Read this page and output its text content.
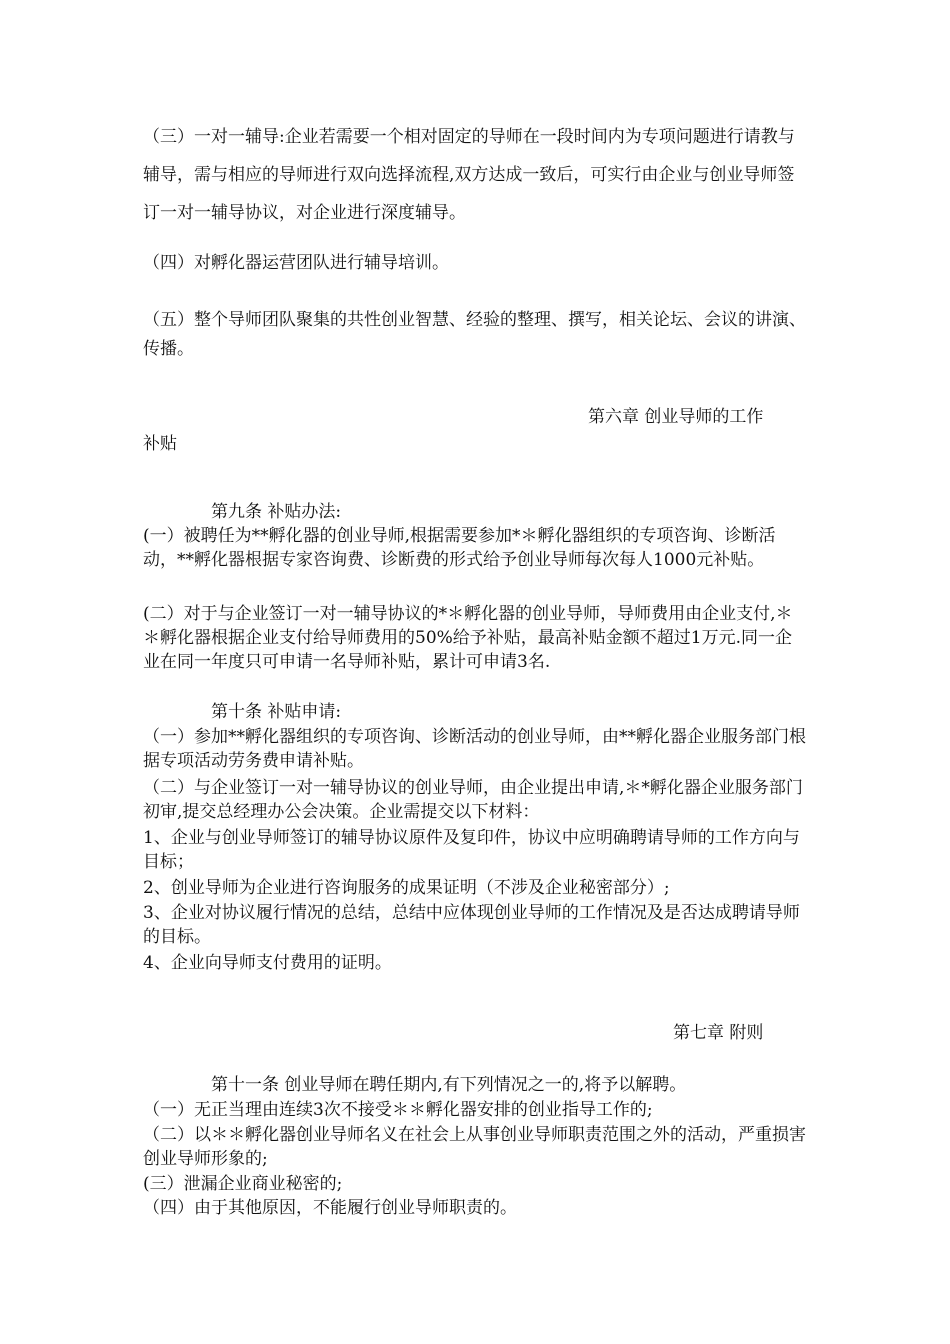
（三）一对一辅导:企业若需要一个相对固定的导师在一段时间内为专项问题进行请教与辅导，需与相应的导师进行双向选择流程,双方达成一致后，可实行由企业与创业导师签订一对一辅导协议，对企业进行深度辅导。

（四）对孵化器运营团队进行辅导培训。

（五）整个导师团队聚集的共性创业智慧、经验的整理、撰写，相关论坛、会议的讲演、传播。

第六章 创业导师的工作

补贴

第九条 补贴办法:

(一）被聘任为**孵化器的创业导师,根据需要参加*＊孵化器组织的专项咨询、诊断活动，**孵化器根据专家咨询费、诊断费的形式给予创业导师每次每人1000元补贴。

(二）对于与企业签订一对一辅导协议的*＊孵化器的创业导师，导师费用由企业支付,＊＊孵化器根据企业支付给导师费用的50%给予补贴，最高补贴金额不超过1万元.同一企业在同一年度只可申请一名导师补贴，累计可申请3名.

第十条 补贴申请:

（一）参加**孵化器组织的专项咨询、诊断活动的创业导师，由**孵化器企业服务部门根据专项活动劳务费申请补贴。

（二）与企业签订一对一辅导协议的创业导师，由企业提出申请,＊*孵化器企业服务部门初审,提交总经理办公会决策。企业需提交以下材料：

1、企业与创业导师签订的辅导协议原件及复印件，协议中应明确聘请导师的工作方向与目标；

2、创业导师为企业进行咨询服务的成果证明（不涉及企业秘密部分）;

3、企业对协议履行情况的总结，总结中应体现创业导师的工作情况及是否达成聘请导师的目标。

4、企业向导师支付费用的证明。

第七章 附则

第十一条 创业导师在聘任期内,有下列情况之一的,将予以解聘。

（一）无正当理由连续3次不接受＊＊孵化器安排的创业指导工作的;

（二）以＊＊孵化器创业导师名义在社会上从事创业导师职责范围之外的活动，严重损害创业导师形象的;

(三）泄漏企业商业秘密的;

（四）由于其他原因，不能履行创业导师职责的。
